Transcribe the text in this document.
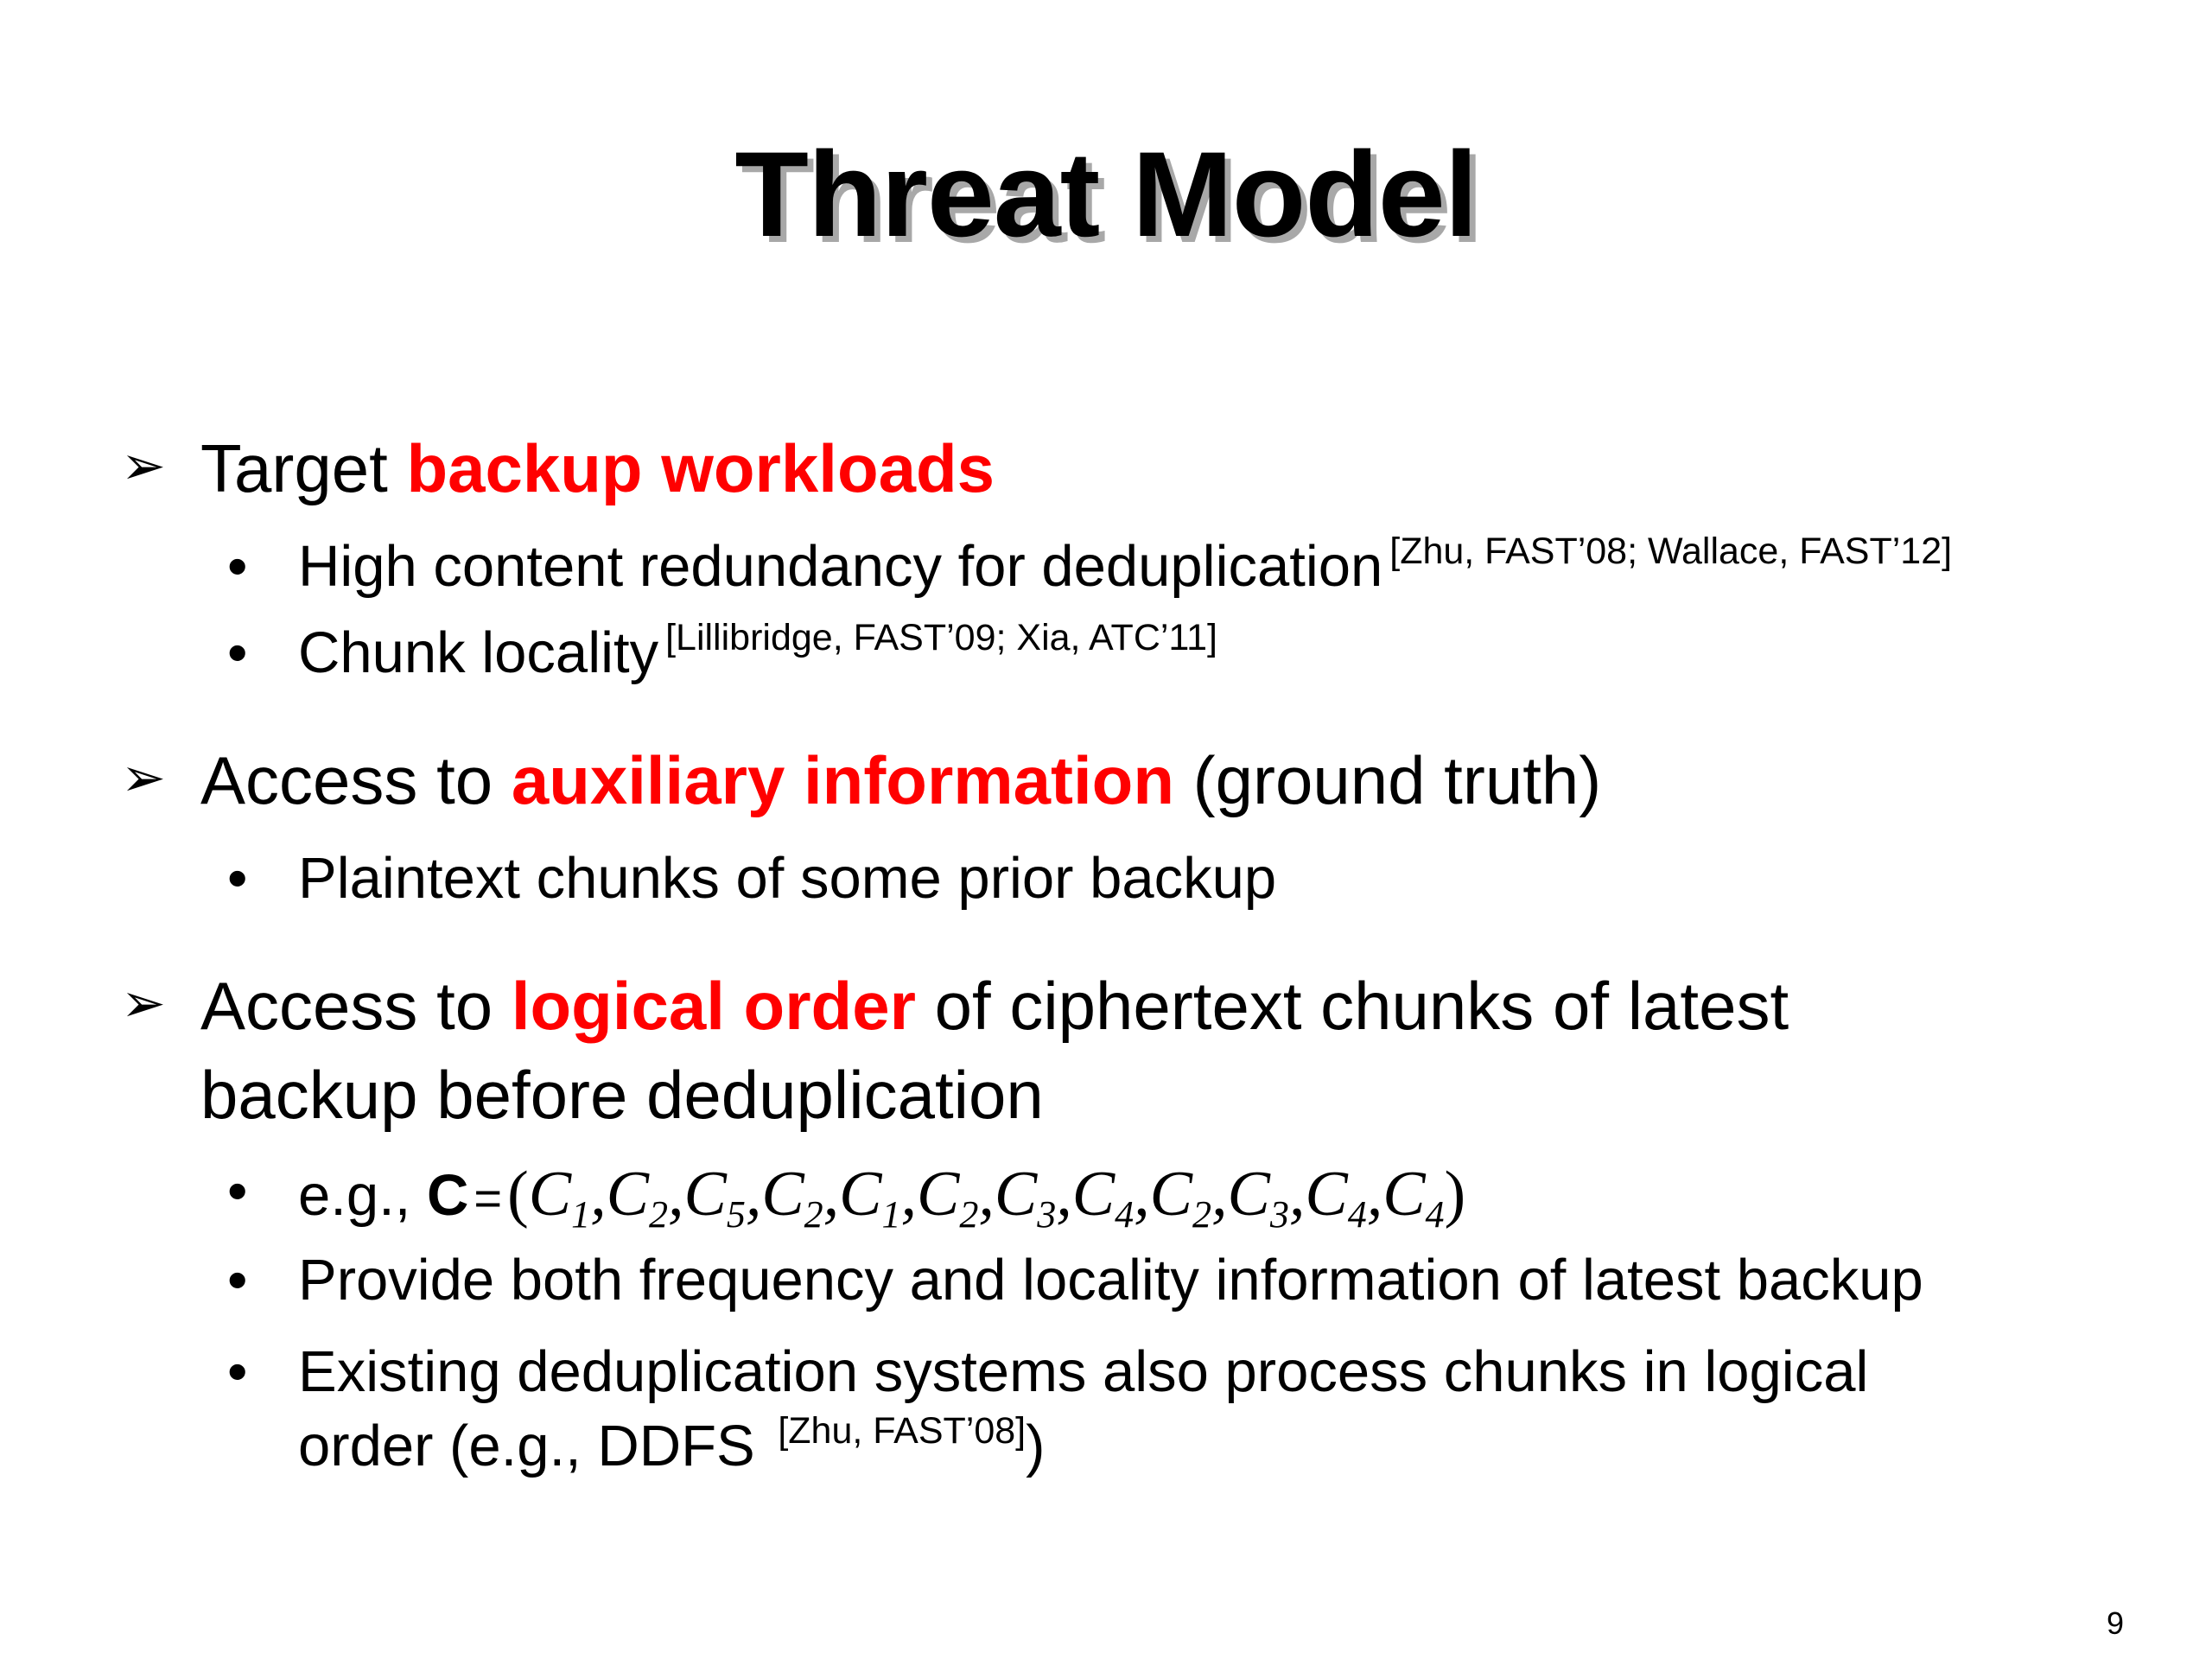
Threat Model
➢ Target backup workloads
• High content redundancy for deduplication [Zhu, FAST’08; Wallace, FAST’12]
• Chunk locality [Lillibridge, FAST’09; Xia, ATC’11]
➢ Access to auxiliary information (ground truth)
• Plaintext chunks of some prior backup
➢ Access to logical order of ciphertext chunks of latest
backup before deduplication
• e.g., $C =(C_1,C_2,C_5,C_2,C_1,C_2,C_3,C_4,C_2,C_3,C_4,C_4)$
• Provide both frequency and locality information of latest backup
• Existing deduplication systems also process chunks in logical
order (e.g., DDFS [Zhu, FAST’08])
9
